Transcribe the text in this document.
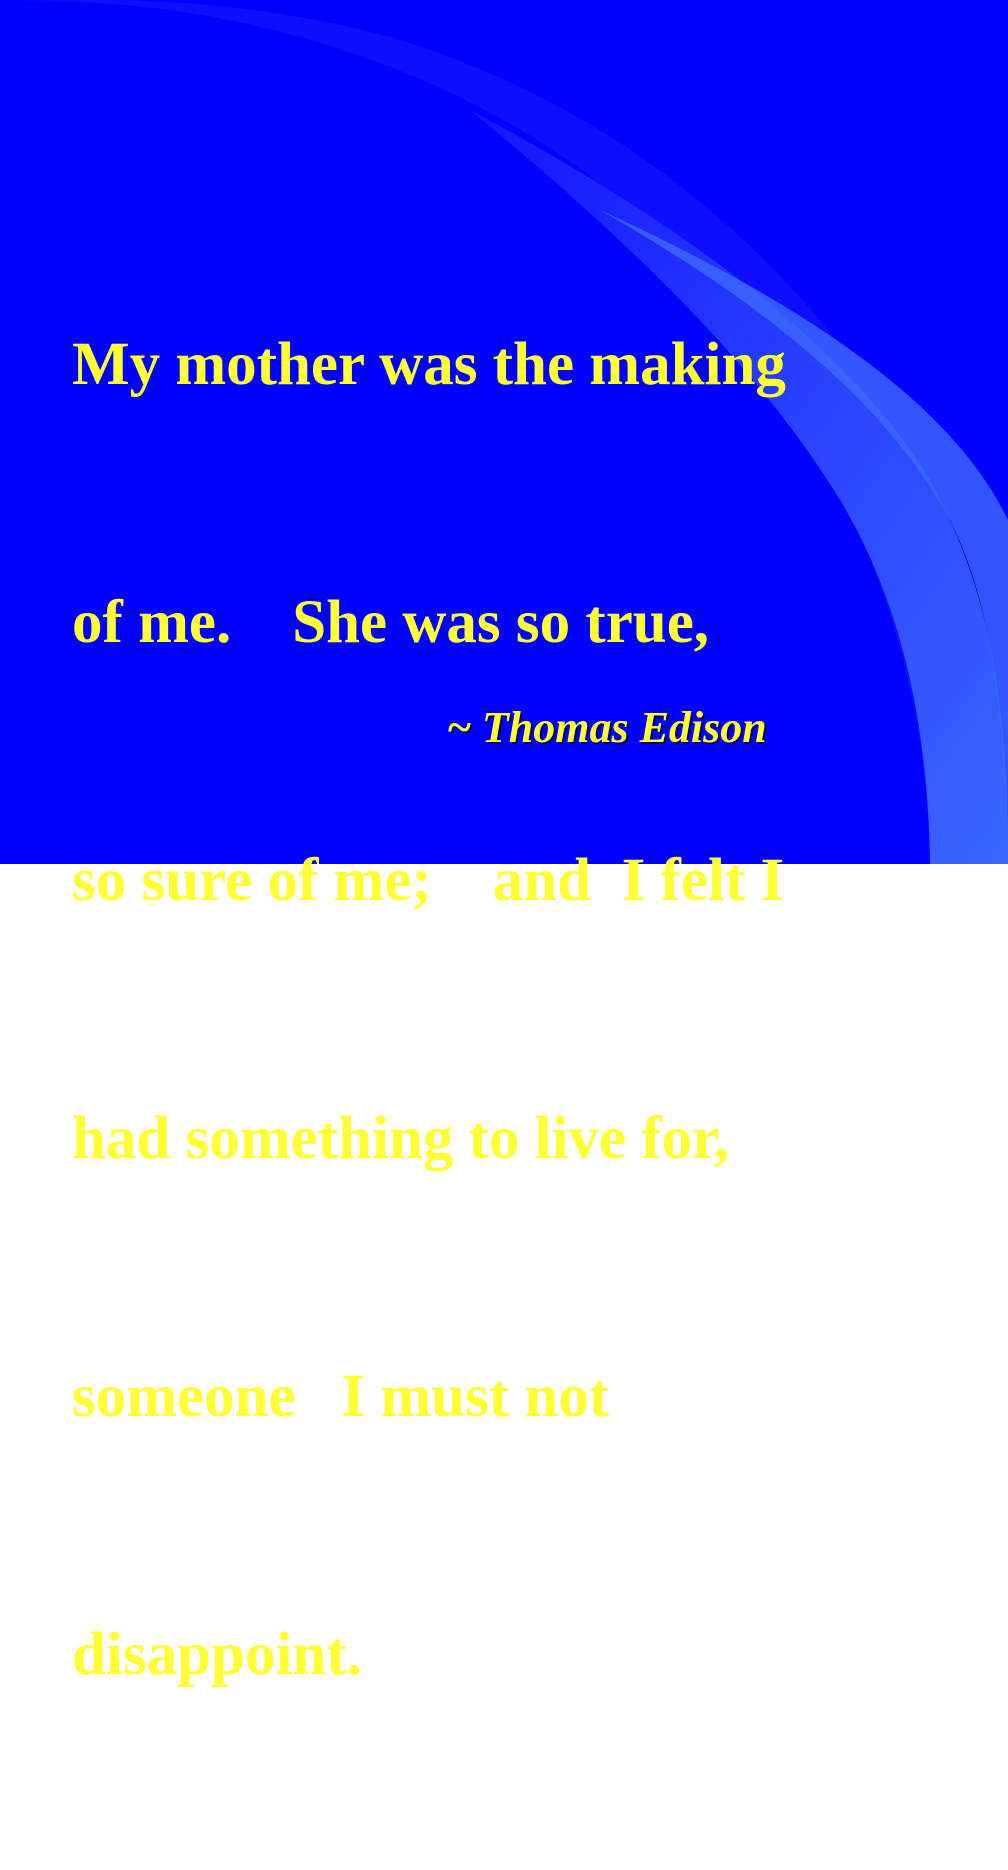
My mother was the making

of me.    She was so true,

so sure of me;    and  I felt I

had something to live for,

someone   I must not

disappoint.

~ Thomas Edison
